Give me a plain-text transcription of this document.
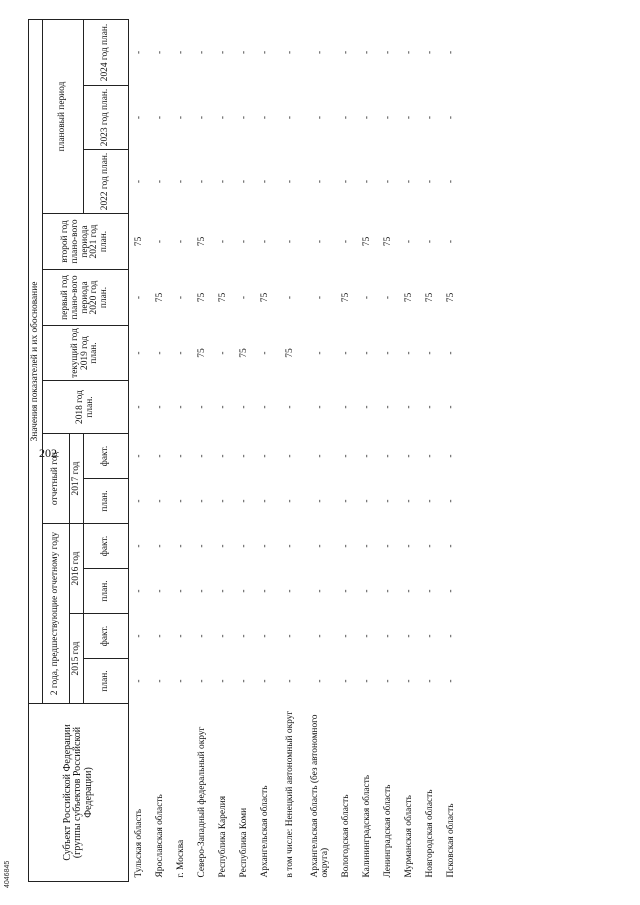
202
4046845
Субъект Российской Федерации (группы субъектов Российской Федерации)	Значения показателей и их обоснование												
	2 года, предшествующие отчетному году				отчетный год		2018 год план.	текущий год 2019 год план.	первый год плано-вого периода 2020 год план.	второй год плано-вого периода 2021 год план.	плановый период		
	2015 год		2016 год		2017 год								
	план.	факт.	план.	факт.	план.	факт.					2022 год план.	2023 год план.	2024 год план.
Тульская область	-	-	-	-	-	-	-	-	-	75	-	-	-
Ярославская область	-	-	-	-	-	-	-	-	75	-	-	-	-
г. Москва	-	-	-	-	-	-	-	-	-	-	-	-	-
Северо-Западный федеральный округ	-	-	-	-	-	-	-	75	75	75	-	-	-
Республика Карелия	-	-	-	-	-	-	-	-	75	-	-	-	-
Республика Коми	-	-	-	-	-	-	-	75	-	-	-	-	-
Архангельская область	-	-	-	-	-	-	-	-	75	-	-	-	-
в том числе: Ненецкий автономный округ	-	-	-	-	-	-	-	75	-	-	-	-	-
Архангельская область (без автономного округа)	-	-	-	-	-	-	-	-	-	-	-	-	-
Вологодская область	-	-	-	-	-	-	-	-	75	-	-	-	-
Калининградская область	-	-	-	-	-	-	-	-	-	75	-	-	-
Ленинградская область	-	-	-	-	-	-	-	-	-	75	-	-	-
Мурманская область	-	-	-	-	-	-	-	-	75	-	-	-	-
Новгородская область	-	-	-	-	-	-	-	-	75	-	-	-	-
Псковская область	-	-	-	-	-	-	-	-	75	-	-	-	-
